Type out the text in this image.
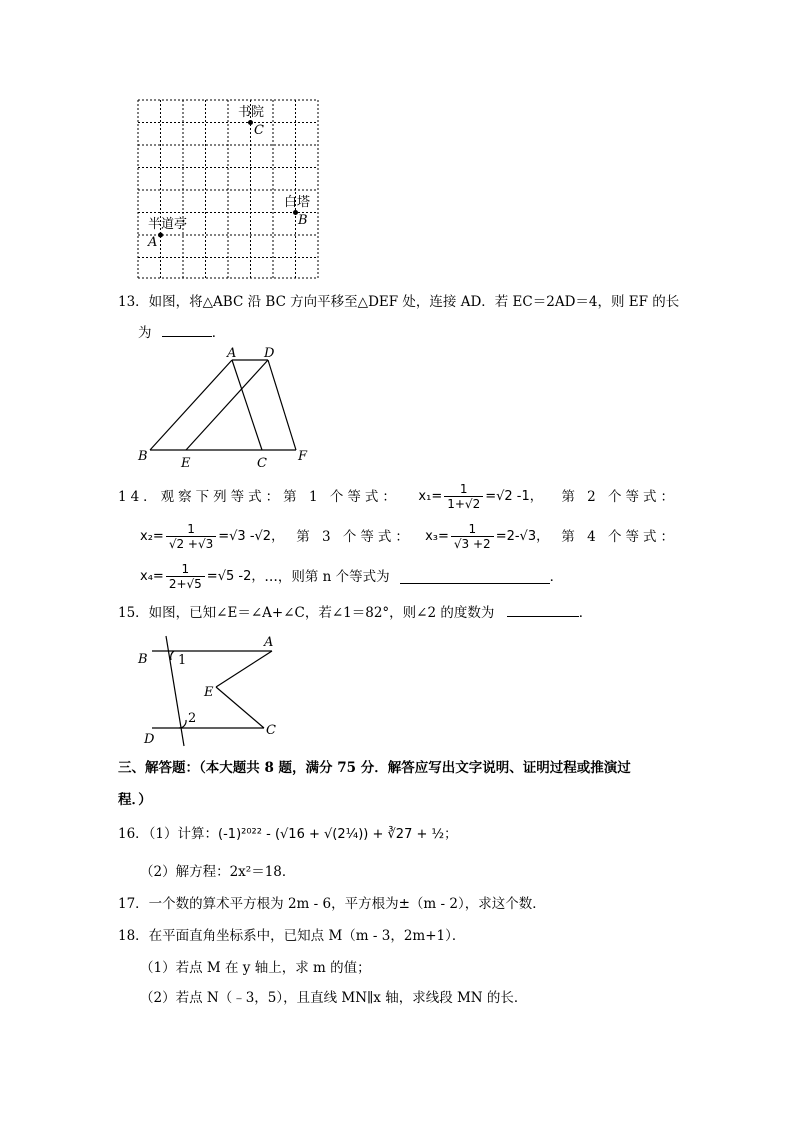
书院
C
白塔
B
半道亭
A
13．如图，将△ABC 沿 BC 方向平移至△DEF 处，连接 AD．若 EC＝2AD＝4，则 EF 的长
为	．
A D
B	E	C F
14．观察下列等式：第 1 个等式： $x_1= \frac{1}{1+√2} =√2$ -1， 第 2 个等式：
$x_2= \frac{1}{√2 +√3} =√3$ -√2， 第 3 个等式： $x_3= \frac{1}{√3 +2} =2-√3$， 第 4 个等式：
$x_4= \frac{1}{2+√5} =√5$ -2， …，则第 n 个等式为	．
15．如图，已知∠E＝∠A+∠C，若∠1＝82°，则∠2 的度数为	．
B
A
1
E
2
C
D
三、解答题：（本大题共 8 题，满分 75 分．解答应写出文字说明、证明过程或推演过
程．）
16．（1）计算：(-1)²⁰²² - (√16 + √(2¼)) + ∛27 + ½；
（2）解方程：2x²＝18．
17．一个数的算术平方根为 2m - 6，平方根为±（m - 2），求这个数．
18．在平面直角坐标系中，已知点 M（m - 3，2m+1）．
（1）若点 M 在 y 轴上，求 m 的值；
（2）若点 N（﹣3，5），且直线 MN∥x 轴，求线段 MN 的长．
